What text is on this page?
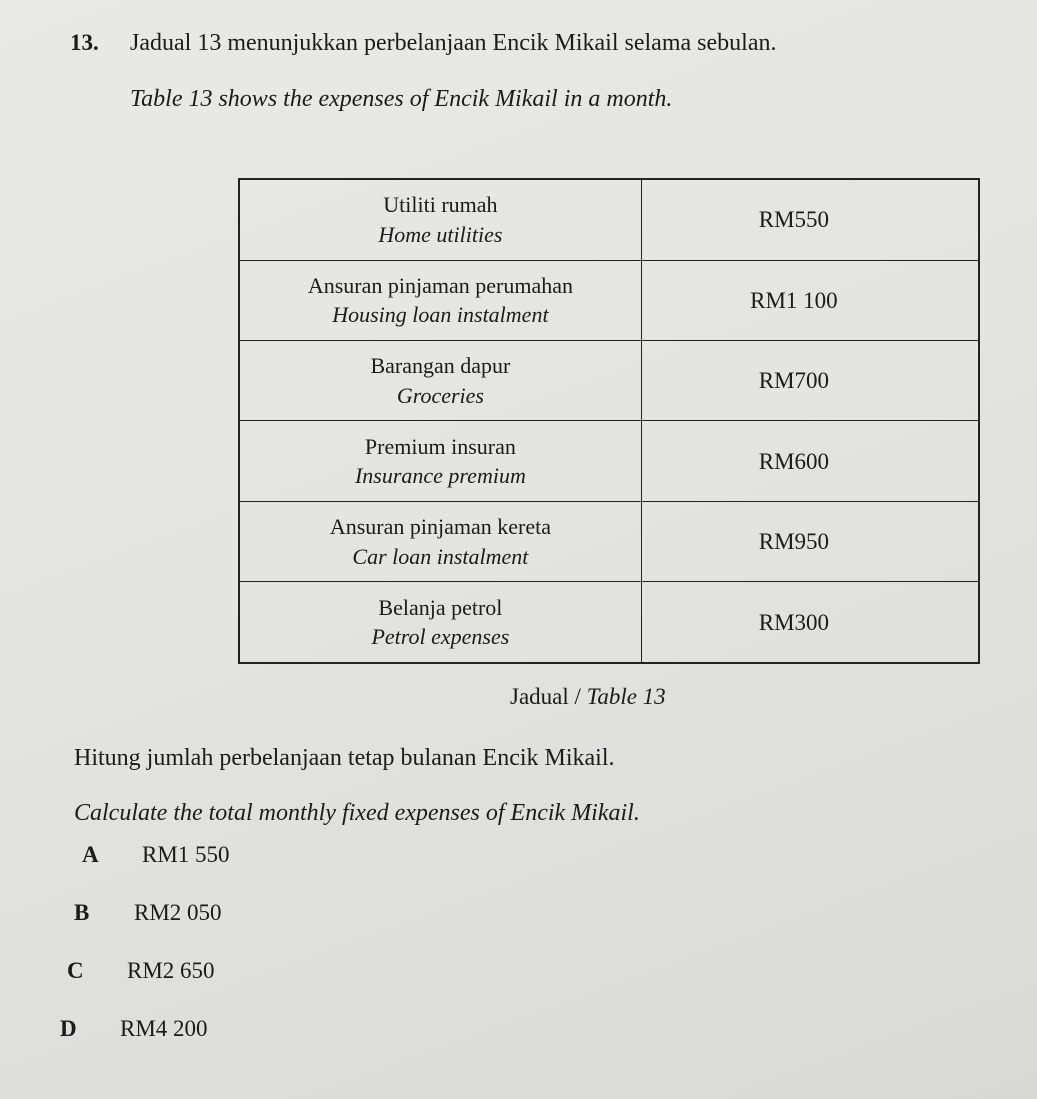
13. Jadual 13 menunjukkan perbelanjaan Encik Mikail selama sebulan.
Table 13 shows the expenses of Encik Mikail in a month.
Utiliti rumah
Home utilities	RM550

Ansuran pinjaman perumahan
Housing loan instalment	RM1 100

Barangan dapur
Groceries	RM700

Premium insuran
Insurance premium	RM600

Ansuran pinjaman kereta
Car loan instalment	RM950

Belanja petrol
Petrol expenses	RM300
Jadual / Table 13
Hitung jumlah perbelanjaan tetap bulanan Encik Mikail.
Calculate the total monthly fixed expenses of Encik Mikail.
A RM1 550
B RM2 050
C RM2 650
D RM4 200
